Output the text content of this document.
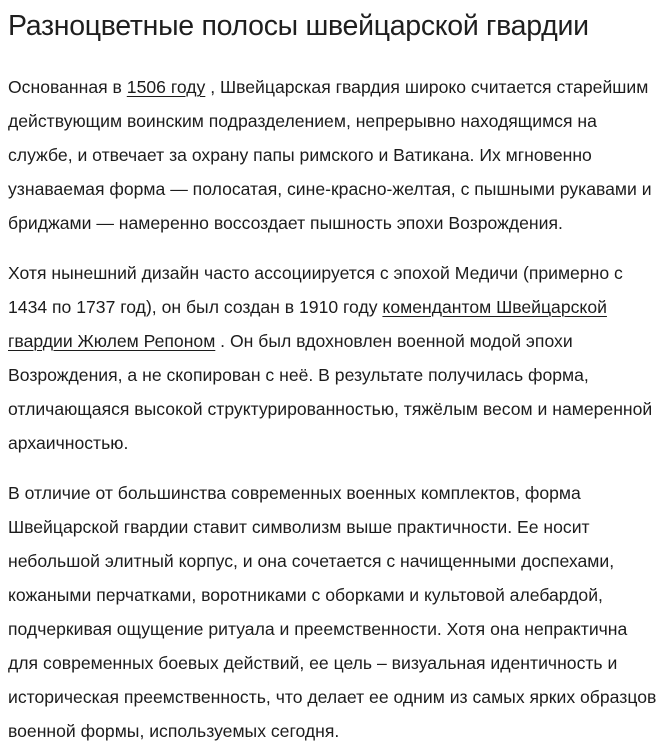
Разноцветные полосы швейцарской гвардии

Основанная в 1506 году , Швейцарская гвардия широко считается старейшим действующим воинским подразделением, непрерывно находящимся на службе, и отвечает за охрану папы римского и Ватикана. Их мгновенно узнаваемая форма — полосатая, сине-красно-желтая, с пышными рукавами и бриджами — намеренно воссоздает пышность эпохи Возрождения.

Хотя нынешний дизайн часто ассоциируется с эпохой Медичи (примерно с 1434 по 1737 год), он был создан в 1910 году комендантом Швейцарской гвардии Жюлем Репоном . Он был вдохновлен военной модой эпохи Возрождения, а не скопирован с неё. В результате получилась форма, отличающаяся высокой структурированностью, тяжёлым весом и намеренной архаичностью.

В отличие от большинства современных военных комплектов, форма Швейцарской гвардии ставит символизм выше практичности. Ее носит небольшой элитный корпус, и она сочетается с начищенными доспехами, кожаными перчатками, воротниками с оборками и культовой алебардой, подчеркивая ощущение ритуала и преемственности. Хотя она непрактична для современных боевых действий, ее цель – визуальная идентичность и историческая преемственность, что делает ее одним из самых ярких образцов военной формы, используемых сегодня.
